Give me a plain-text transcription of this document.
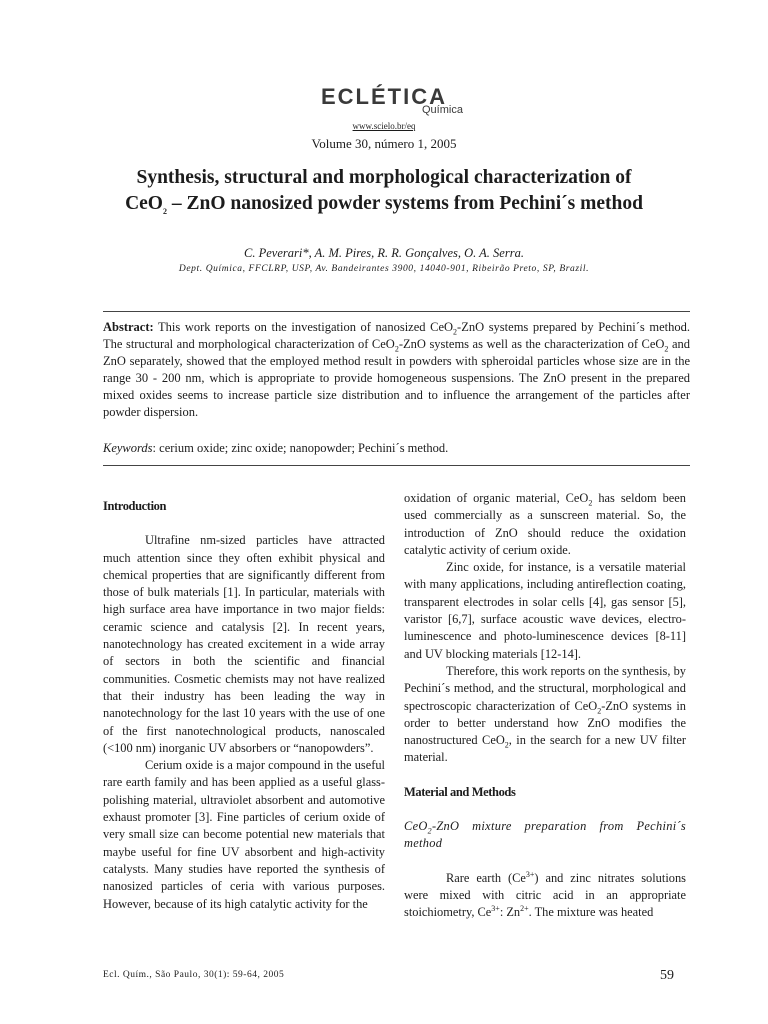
ECLÉTICA
Química
www.scielo.br/eq
Volume 30, número 1, 2005
Synthesis, structural and morphological characterization of
CeO$_2$ – ZnO nanosized powder systems from Pechini´s method
C. Peverari*, A. M. Pires, R. R. Gonçalves, O. A. Serra.
Dept. Química, FFCLRP, USP, Av. Bandeirantes 3900, 14040-901, Ribeirão Preto, SP, Brazil.
Abstract: This work reports on the investigation of nanosized CeO$_2$-ZnO systems prepared by Pechini´s method. The structural and morphological characterization of CeO$_2$-ZnO systems as well as the characterization of CeO$_2$ and ZnO separately, showed that the employed method result in powders with spheroidal particles whose size are in the range 30 - 200 nm, which is appropriate to provide homogeneous suspensions. The ZnO present in the prepared mixed oxides seems to increase particle size distribution and to influence the arrangement of the particles after powder dispersion.
Keywords: cerium oxide; zinc oxide; nanopowder; Pechini´s method.

Introduction

Ultrafine nm-sized particles have attracted much attention since they often exhibit physical and chemical properties that are significantly different from those of bulk materials [1]. In particular, materials with high surface area have importance in two major fields: ceramic science and catalysis [2]. In recent years, nanotechnology has created excitement in a wide array of sectors in both the scientific and financial communities. Cosmetic chemists may not have realized that their industry has been leading the way in nanotechnology for the last 10 years with the use of one of the first nanotechnological products, nanoscaled (<100 nm) inorganic UV absorbers or “nanopowders”.

Cerium oxide is a major compound in the useful rare earth family and has been applied as a useful glass-polishing material, ultraviolet absorbent and automotive exhaust promoter [3]. Fine particles of cerium oxide of very small size can become potential new materials that maybe useful for fine UV absorbent and high-activity catalysts. Many studies have reported the synthesis of nanosized particles of ceria with various purposes. However, because of its high catalytic activity for the

oxidation of organic material, CeO$_2$ has seldom been used commercially as a sunscreen material. So, the introduction of ZnO should reduce the oxidation catalytic activity of cerium oxide.

Zinc oxide, for instance, is a versatile material with many applications, including antireflection coating, transparent electrodes in solar cells [4], gas sensor [5], varistor [6,7], surface acoustic wave devices, electro-luminescence and photo-luminescence devices [8-11] and UV blocking materials [12-14].

Therefore, this work reports on the synthesis, by Pechini´s method, and the structural, morphological and spectroscopic characterization of CeO$_2$-ZnO systems in order to better understand how ZnO modifies the nanostructured CeO$_2$, in the search for a new UV filter material.

Material and Methods

CeO$_2$-ZnO mixture preparation from Pechini´s method

Rare earth $(Ce^{3+})$ and zinc nitrates solutions were mixed with citric acid in an appropriate stoichiometry, $Ce^{3+}$: $Zn^{2+}$. The mixture was heated

Ecl. Quím., São Paulo, 30(1): 59-64, 2005	59
